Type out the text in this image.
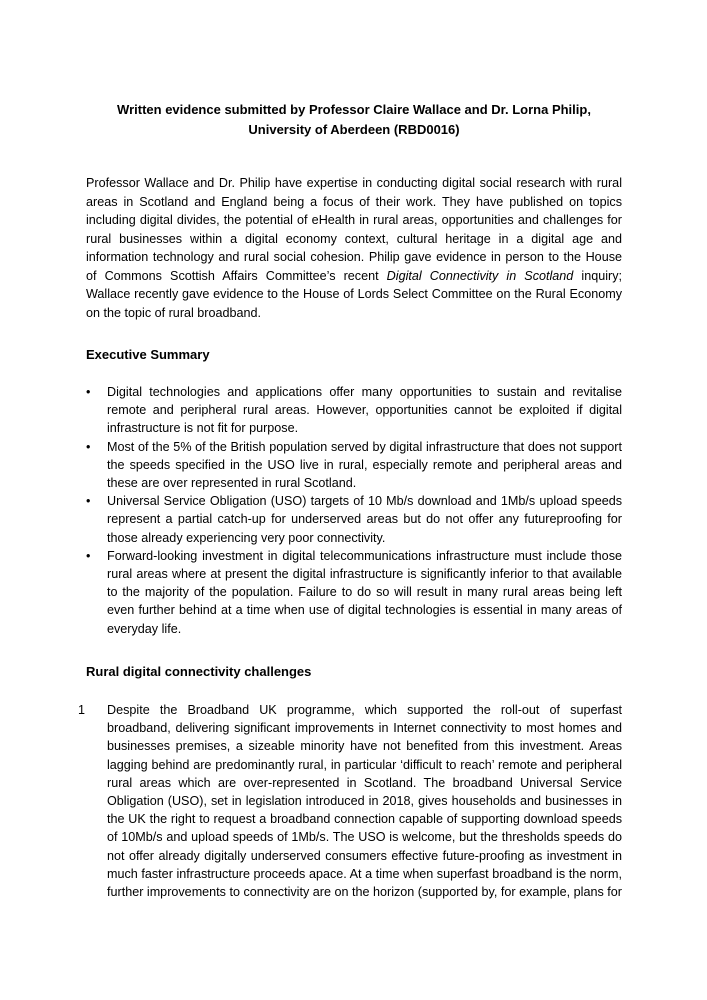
Written evidence submitted by Professor Claire Wallace and Dr. Lorna Philip, University of Aberdeen (RBD0016)
Professor Wallace and Dr. Philip have expertise in conducting digital social research with rural areas in Scotland and England being a focus of their work. They have published on topics including digital divides, the potential of eHealth in rural areas, opportunities and challenges for rural businesses within a digital economy context, cultural heritage in a digital age and information technology and rural social cohesion. Philip gave evidence in person to the House of Commons Scottish Affairs Committee’s recent Digital Connectivity in Scotland inquiry; Wallace recently gave evidence to the House of Lords Select Committee on the Rural Economy on the topic of rural broadband.
Executive Summary
• Digital technologies and applications offer many opportunities to sustain and revitalise remote and peripheral rural areas. However, opportunities cannot be exploited if digital infrastructure is not fit for purpose.
• Most of the 5% of the British population served by digital infrastructure that does not support the speeds specified in the USO live in rural, especially remote and peripheral areas and these are over represented in rural Scotland.
• Universal Service Obligation (USO) targets of 10 Mb/s download and 1Mb/s upload speeds represent a partial catch-up for underserved areas but do not offer any futureproofing for those already experiencing very poor connectivity.
• Forward-looking investment in digital telecommunications infrastructure must include those rural areas where at present the digital infrastructure is significantly inferior to that available to the majority of the population. Failure to do so will result in many rural areas being left even further behind at a time when use of digital technologies is essential in many areas of everyday life.
Rural digital connectivity challenges
1 Despite the Broadband UK programme, which supported the roll-out of superfast broadband, delivering significant improvements in Internet connectivity to most homes and businesses premises, a sizeable minority have not benefited from this investment. Areas lagging behind are predominantly rural, in particular ‘difficult to reach’ remote and peripheral rural areas which are over-represented in Scotland. The broadband Universal Service Obligation (USO), set in legislation introduced in 2018, gives households and businesses in the UK the right to request a broadband connection capable of supporting download speeds of 10Mb/s and upload speeds of 1Mb/s. The USO is welcome, but the thresholds speeds do not offer already digitally underserved consumers effective future-proofing as investment in much faster infrastructure proceeds apace. At a time when superfast broadband is the norm, further improvements to connectivity are on the horizon (supported by, for example, plans for
